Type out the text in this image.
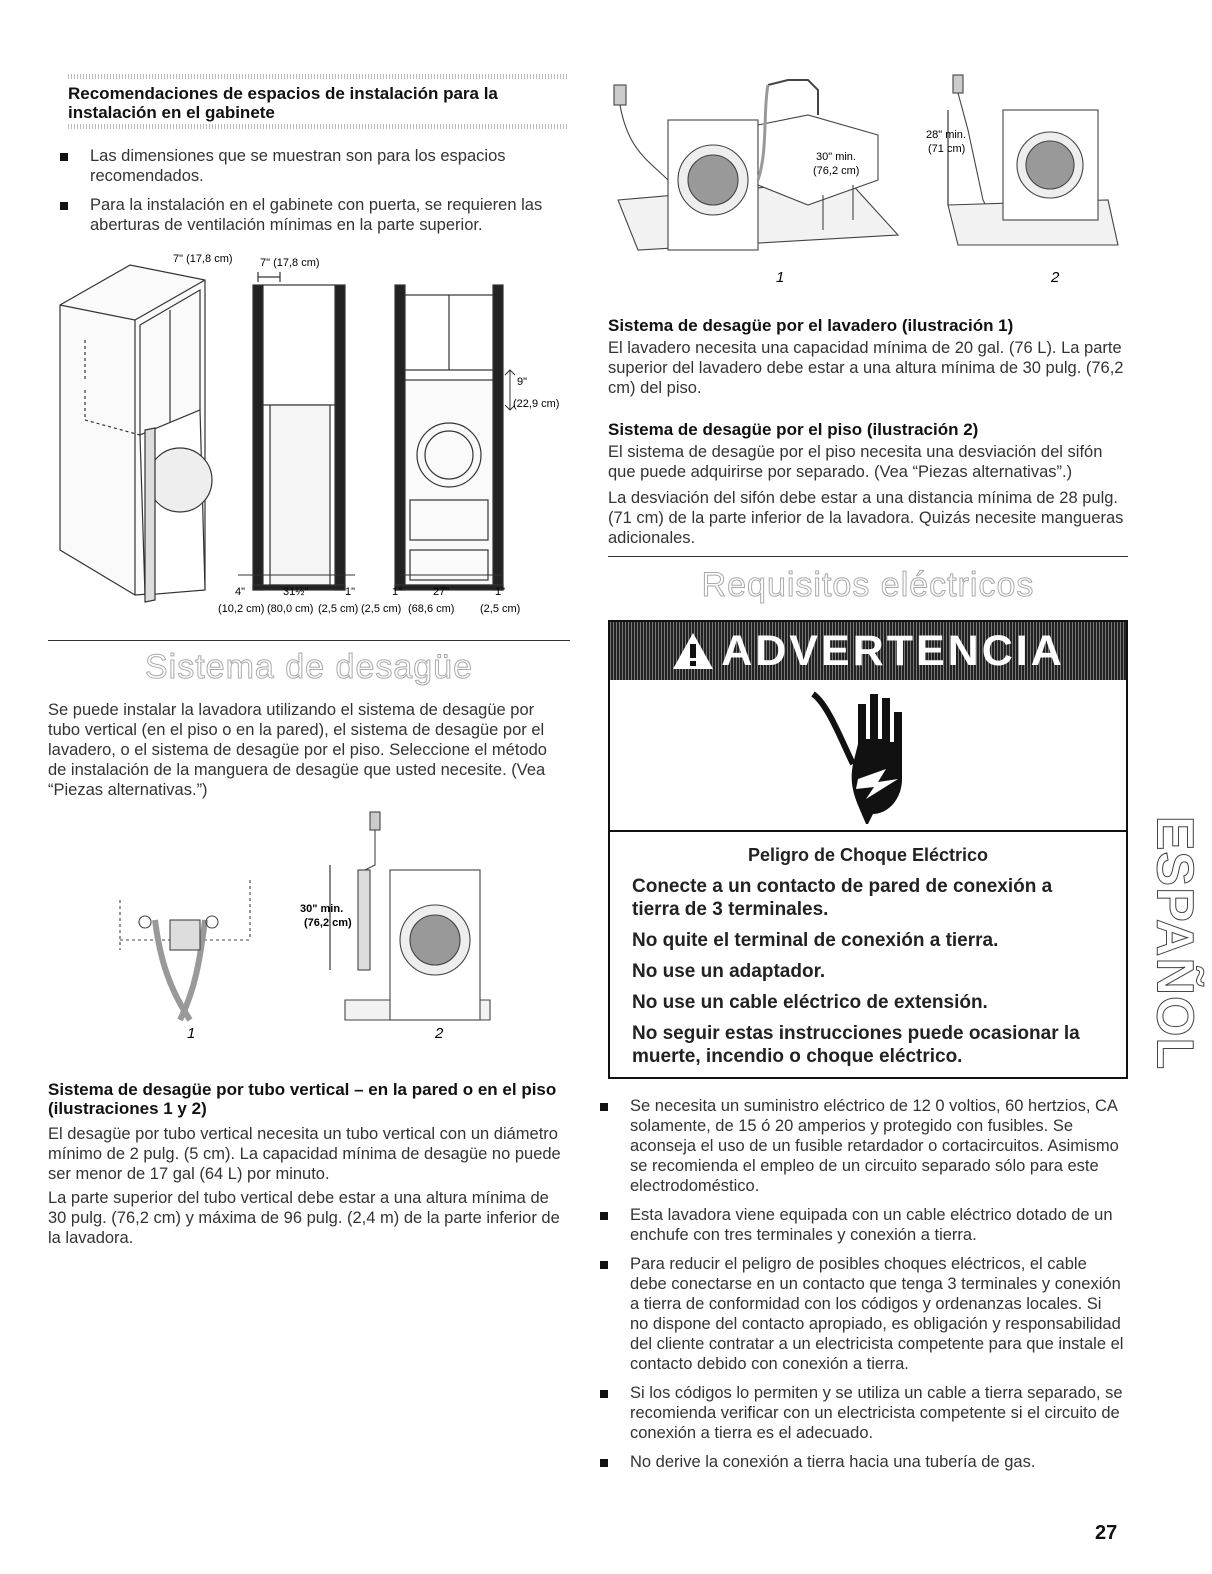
Recomendaciones de espacios de instalación para la instalación en el gabinete
Las dimensiones que se muestran son para los espacios recomendados.
Para la instalación en el gabinete con puerta, se requieren las aberturas de ventilación mínimas en la parte superior.
7" (17,8 cm) 7" (17,8 cm)
9"
(22,9 cm)
4"	31½"	1"	1"	27"	1"
(10,2 cm) (80,0 cm) (2,5 cm) (2,5 cm) (68,6 cm) (2,5 cm)
Sistema de desagüe

Se puede instalar la lavadora utilizando el sistema de desagüe por tubo vertical (en el piso o en la pared), el sistema de desagüe por el lavadero, o el sistema de desagüe por el piso. Seleccione el método de instalación de la manguera de desagüe que usted necesite. (Vea “Piezas alternativas.”)

1
30" min.
(76,2 cm)
2
Sistema de desagüe por tubo vertical – en la pared o en el piso (ilustraciones 1 y 2)

El desagüe por tubo vertical necesita un tubo vertical con un diámetro mínimo de 2 pulg. (5 cm). La capacidad mínima de desagüe no puede ser menor de 17 gal (64 L) por minuto.

La parte superior del tubo vertical debe estar a una altura mínima de 30 pulg. (76,2 cm) y máxima de 96 pulg. (2,4 m) de la parte inferior de la lavadora.

30" min.
(76,2 cm)
28" min.
(71 cm)
1	2
Sistema de desagüe por el lavadero (ilustración 1)

El lavadero necesita una capacidad mínima de 20 gal. (76 L). La parte superior del lavadero debe estar a una altura mínima de 30 pulg. (76,2 cm) del piso.

Sistema de desagüe por el piso (ilustración 2)

El sistema de desagüe por el piso necesita una desviación del sifón que puede adquirirse por separado. (Vea “Piezas alternativas”.)

La desviación del sifón debe estar a una distancia mínima de 28 pulg. (71 cm) de la parte inferior de la lavadora. Quizás necesite mangueras adicionales.

Requisitos eléctricos
ADVERTENCIA

Peligro de Choque Eléctrico

Conecte a un contacto de pared de conexión a tierra de 3 terminales.

No quite el terminal de conexión a tierra.

No use un adaptador.

No use un cable eléctrico de extensión.

No seguir estas instrucciones puede ocasionar la muerte, incendio o choque eléctrico.

Se necesita un suministro eléctrico de 12 0 voltios, 60 hertzios, CA solamente, de 15 ó 20 amperios y protegido con fusibles. Se aconseja el uso de un fusible retardador o cortacircuitos. Asimismo se recomienda el empleo de un circuito separado sólo para este electrodoméstico.
Esta lavadora viene equipada con un cable eléctrico dotado de un enchufe con tres terminales y conexión a tierra.
Para reducir el peligro de posibles choques eléctricos, el cable debe conectarse en un contacto que tenga 3 terminales y conexión a tierra de conformidad con los códigos y ordenanzas locales. Si no dispone del contacto apropiado, es obligación y responsabilidad del cliente contratar a un electricista competente para que instale el contacto debido con conexión a tierra.
Si los códigos lo permiten y se utiliza un cable a tierra separado, se recomienda verificar con un electricista competente si el circuito de conexión a tierra es el adecuado.
No derive la conexión a tierra hacia una tubería de gas.
ESPAÑOL
27
